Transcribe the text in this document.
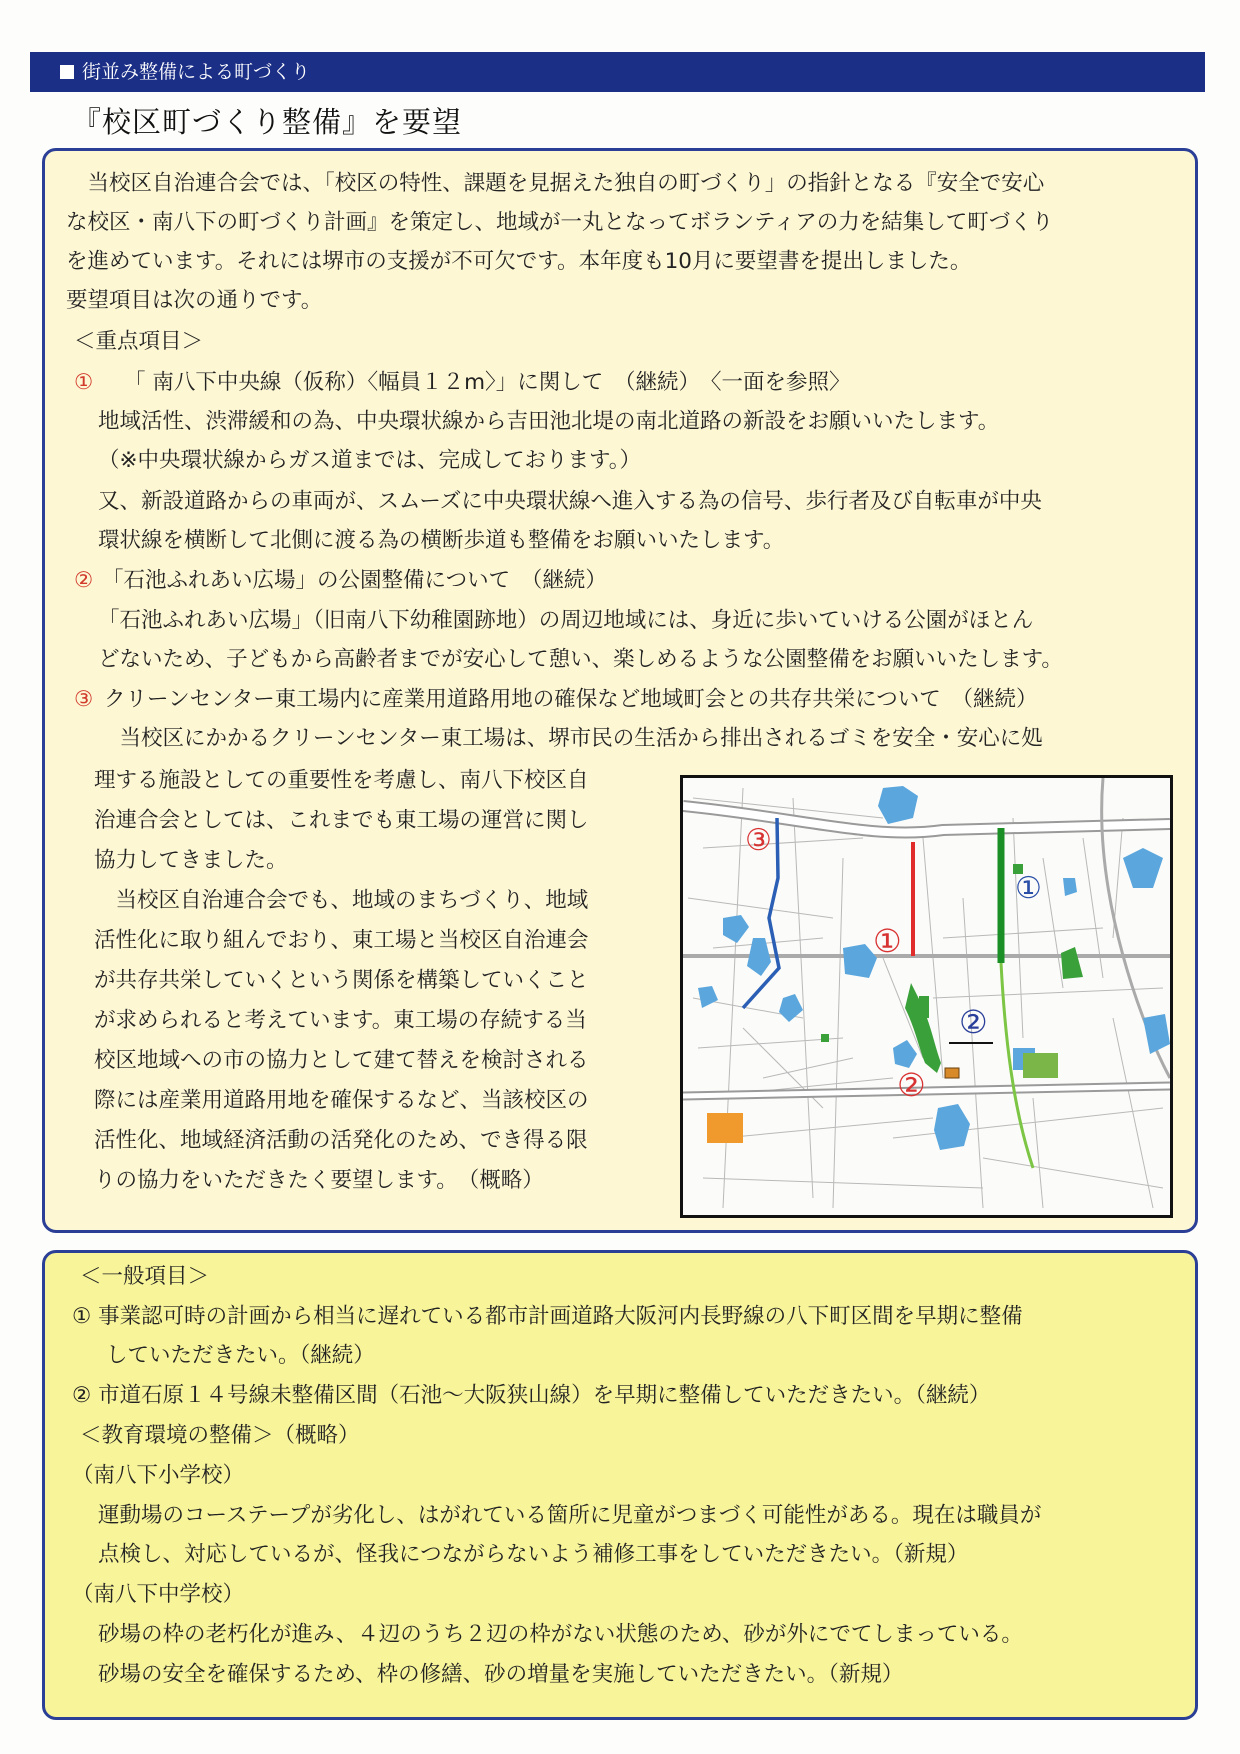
街並み整備による町づくり
『校区町づくり整備』を要望
　当校区自治連合会では、「校区の特性、課題を見据えた独自の町づくり」の指針となる『安全で安心
な校区・南八下の町づくり計画』を策定し、地域が一丸となってボランティアの力を結集して町づくり
を進めています。それには堺市の支援が不可欠です。本年度も10月に要望書を提出しました。
要望項目は次の通りです。
＜重点項目＞
① 「 南八下中央線（仮称）〈幅員１２m〉」に関して　（継続）　〈一面を参照〉
地域活性、渋滞緩和の為、中央環状線から吉田池北堤の南北道路の新設をお願いいたします。
（※中央環状線からガス道までは、完成しております。）
又、新設道路からの車両が、スムーズに中央環状線へ進入する為の信号、歩行者及び自転車が中央
環状線を横断して北側に渡る為の横断歩道も整備をお願いいたします。
② 「石池ふれあい広場」の公園整備について　（継続）
「石池ふれあい広場」（旧南八下幼稚園跡地）の周辺地域には、身近に歩いていける公園がほとん
どないため、子どもから高齢者までが安心して憩い、楽しめるような公園整備をお願いいたします。
③ クリーンセンター東工場内に産業用道路用地の確保など地域町会との共存共栄について　（継続）
　当校区にかかるクリーンセンター東工場は、堺市民の生活から排出されるゴミを安全・安心に処
理する施設としての重要性を考慮し、南八下校区自
治連合会としては、これまでも東工場の運営に関し
協力してきました。
　当校区自治連合会でも、地域のまちづくり、地域
活性化に取り組んでおり、東工場と当校区自治連会
が共存共栄していくという関係を構築していくこと
が求められると考えています。東工場の存続する当
校区地域への市の協力として建て替えを検討される
際には産業用道路用地を確保するなど、当該校区の
活性化、地域経済活動の活発化のため、でき得る限
りの協力をいただきたく要望します。　（概略）
③
①
①
②
②
＜一般項目＞
① 事業認可時の計画から相当に遅れている都市計画道路大阪河内長野線の八下町区間を早期に整備
していただきたい。（継続）
② 市道石原１４号線未整備区間（石池〜大阪狭山線）を早期に整備していただきたい。（継続）
＜教育環境の整備＞（概略）
（南八下小学校）
運動場のコーステープが劣化し、はがれている箇所に児童がつまづく可能性がある。現在は職員が
点検し、対応しているが、怪我につながらないよう補修工事をしていただきたい。（新規）
（南八下中学校）
砂場の枠の老朽化が進み、４辺のうち２辺の枠がない状態のため、砂が外にでてしまっている。
砂場の安全を確保するため、枠の修繕、砂の増量を実施していただきたい。（新規）
